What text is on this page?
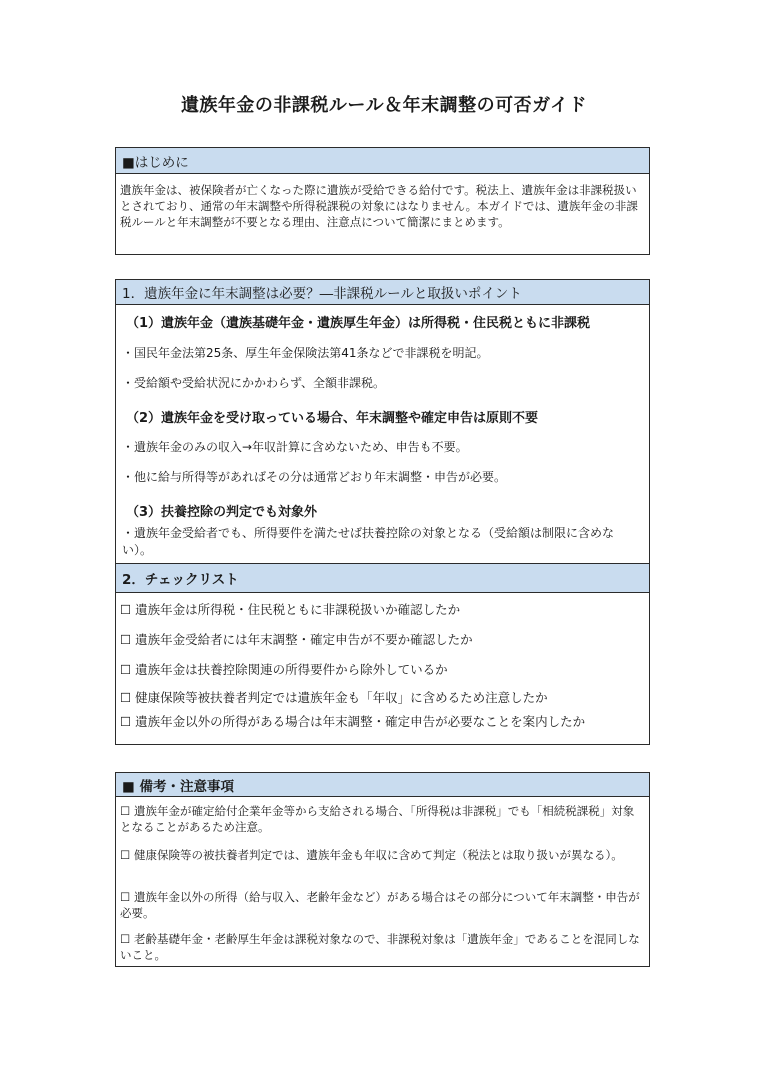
遺族年金の非課税ルール＆年末調整の可否ガイド
■はじめに
遺族年金は、被保険者が亡くなった際に遺族が受給できる給付です。税法上、遺族年金は非課税扱いとされており、通常の年末調整や所得税課税の対象にはなりません。本ガイドでは、遺族年金の非課税ルールと年末調整が不要となる理由、注意点について簡潔にまとめます。
1．遺族年金に年末調整は必要？―非課税ルールと取扱いポイント
（1）遺族年金（遺族基礎年金・遺族厚生年金）は所得税・住民税ともに非課税
・国民年金法第25条、厚生年金保険法第41条などで非課税を明記。
・受給額や受給状況にかかわらず、全額非課税。
（2）遺族年金を受け取っている場合、年末調整や確定申告は原則不要
・遺族年金のみの収入→年収計算に含めないため、申告も不要。
・他に給与所得等があればその分は通常どおり年末調整・申告が必要。
（3）扶養控除の判定でも対象外
・遺族年金受給者でも、所得要件を満たせば扶養控除の対象となる（受給額は制限に含めない）。
2．チェックリスト
☐ 遺族年金は所得税・住民税ともに非課税扱いか確認したか
☐ 遺族年金受給者には年末調整・確定申告が不要か確認したか
☐ 遺族年金は扶養控除関連の所得要件から除外しているか
☐ 健康保険等被扶養者判定では遺族年金も「年収」に含めるため注意したか
☐ 遺族年金以外の所得がある場合は年末調整・確定申告が必要なことを案内したか
■ 備考・注意事項
☐ 遺族年金が確定給付企業年金等から支給される場合、「所得税は非課税」でも「相続税課税」対象となることがあるため注意。
☐ 健康保険等の被扶養者判定では、遺族年金も年収に含めて判定（税法とは取り扱いが異なる）。
☐ 遺族年金以外の所得（給与収入、老齢年金など）がある場合はその部分について年末調整・申告が必要。
☐ 老齢基礎年金・老齢厚生年金は課税対象なので、非課税対象は「遺族年金」であることを混同しないこと。
